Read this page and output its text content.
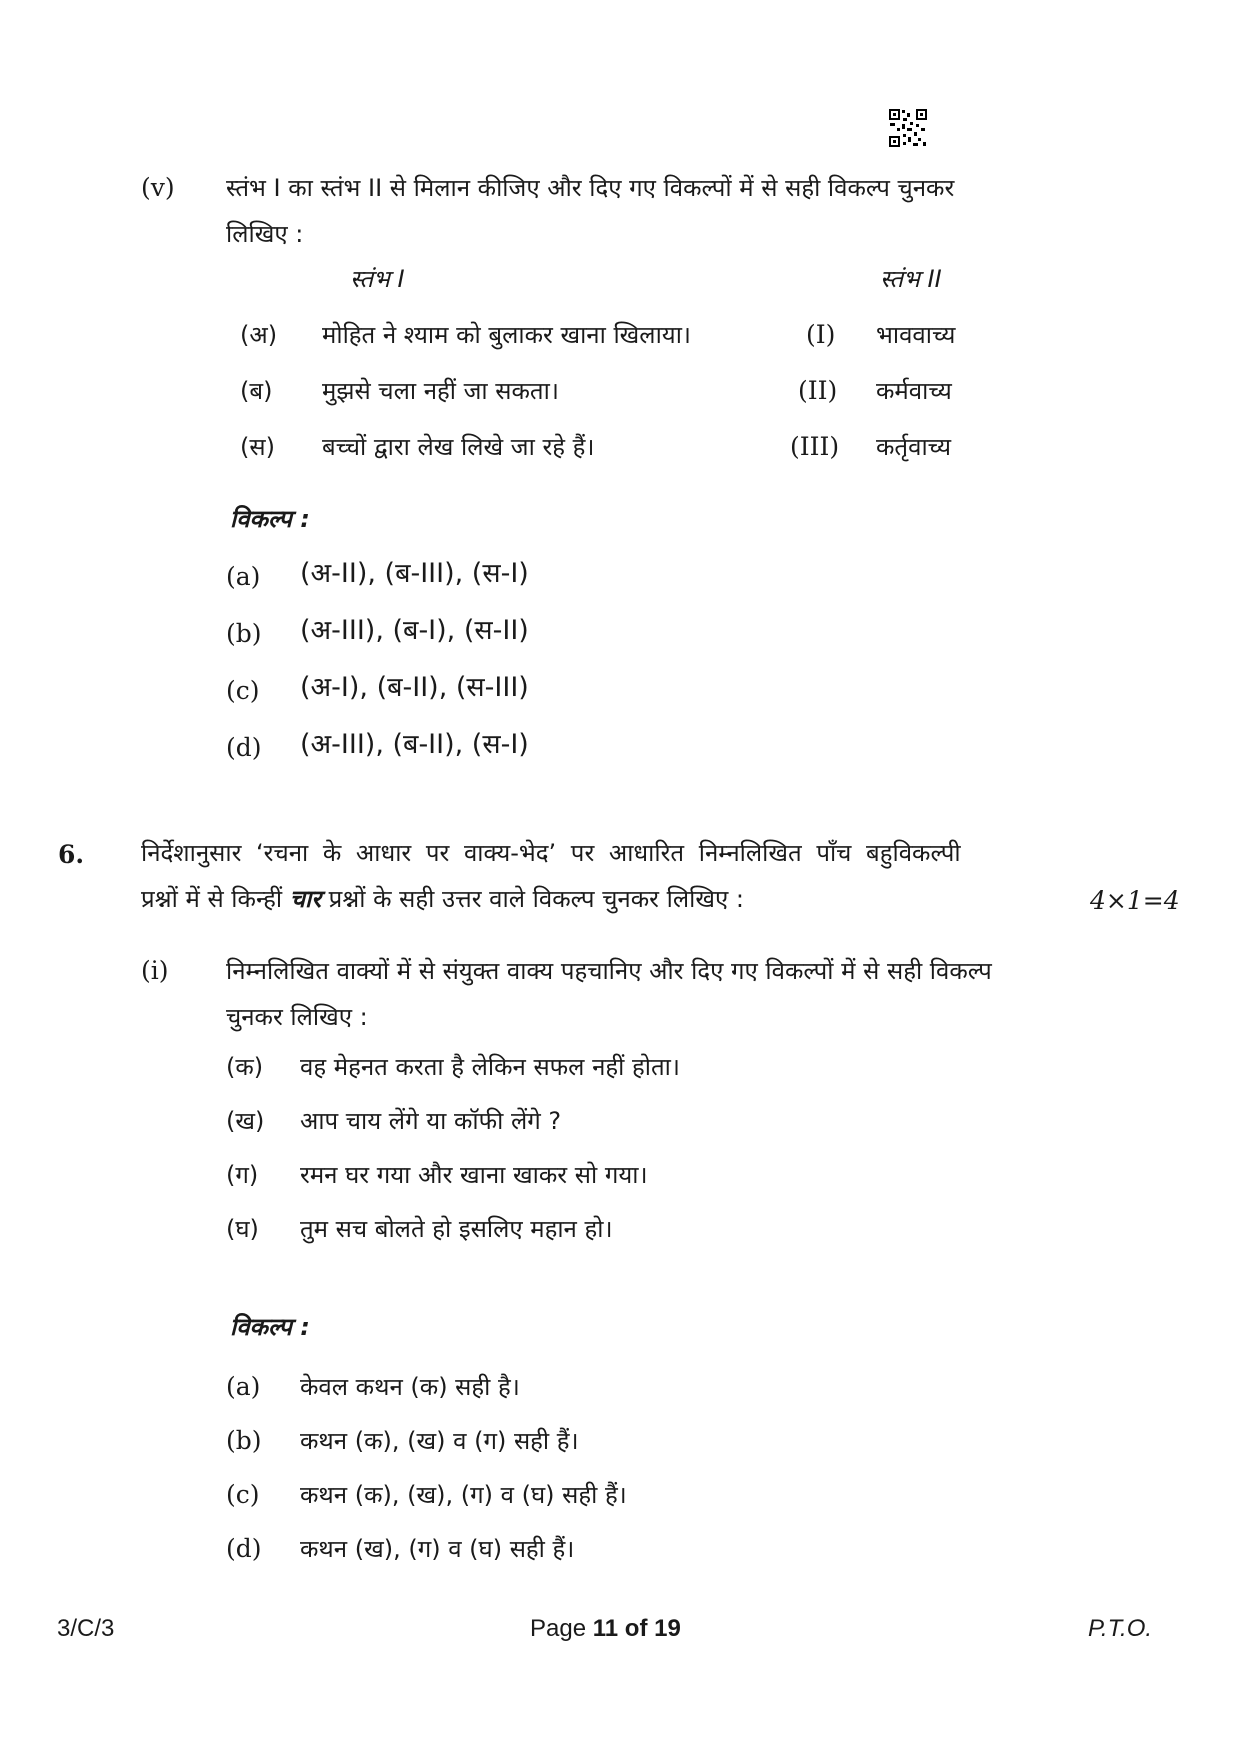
(v) स्तंभ I का स्तंभ II से मिलान कीजिए और दिए गए विकल्पों में से सही विकल्प चुनकर
लिखिए :
स्तंभ I	स्तंभ II
(अ) मोहित ने श्याम को बुलाकर खाना खिलाया।	(I) भाववाच्य
(ब) मुझसे चला नहीं जा सकता।	(II) कर्मवाच्य
(स) बच्चों द्वारा लेख लिखे जा रहे हैं।	(III) कर्तृवाच्य
विकल्प :
(a) (अ-II), (ब-III), (स-I)
(b) (अ-III), (ब-I), (स-II)
(c) (अ-I), (ब-II), (स-III)
(d) (अ-III), (ब-II), (स-I)
6. निर्देशानुसार ‘रचना के आधार पर वाक्य-भेद’ पर आधारित निम्नलिखित पाँच बहुविकल्पी
प्रश्नों में से किन्हीं चार प्रश्नों के सही उत्तर वाले विकल्प चुनकर लिखिए :	4×1=4
(i) निम्नलिखित वाक्यों में से संयुक्त वाक्य पहचानिए और दिए गए विकल्पों में से सही विकल्प
चुनकर लिखिए :
(क) वह मेहनत करता है लेकिन सफल नहीं होता।
(ख) आप चाय लेंगे या कॉफी लेंगे ?
(ग) रमन घर गया और खाना खाकर सो गया।
(घ) तुम सच बोलते हो इसलिए महान हो।
विकल्प :
(a) केवल कथन (क) सही है।
(b) कथन (क), (ख) व (ग) सही हैं।
(c) कथन (क), (ख), (ग) व (घ) सही हैं।
(d) कथन (ख), (ग) व (घ) सही हैं।
3/C/3	Page 11 of 19	P.T.O.
